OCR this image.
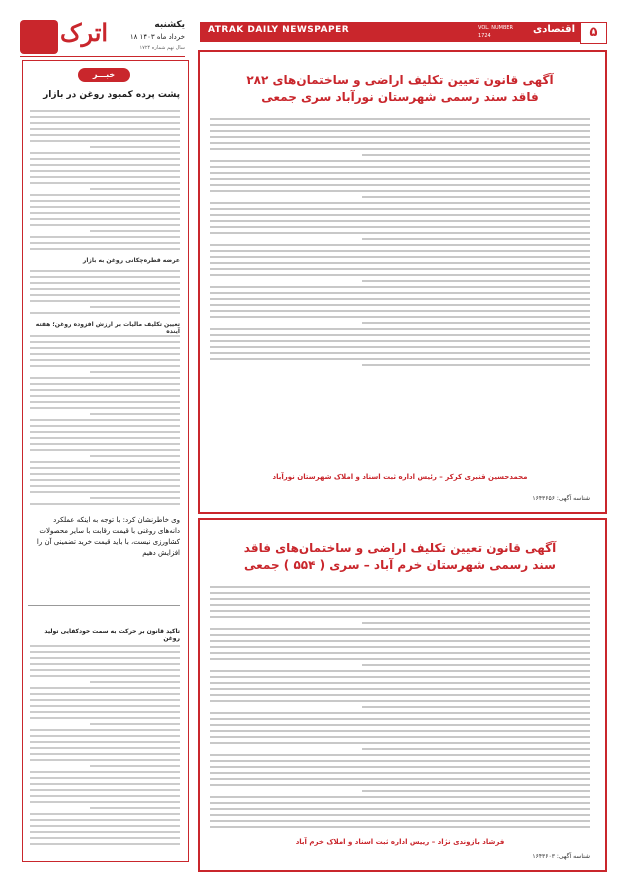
۵
اقتصادی
VOL. NUMBER 1724
ATRAK DAILY NEWSPAPER
اترک	یکشنبه
۱۸ خرداد ماه ۱۴۰۳
سال نهم شماره ۱۷۲۴
خبـــر
پشت پرده کمبود روغن در بازار
عرضه قطره‌چکانی روغن به بازار
تعیین تکلیف مالیات بر ارزش افزوده روغن؛ هفته آینده
وی خاطرنشان کرد: با توجه به اینکه عملکرد دانه‌های روغنی با قیمت رقابت با سایر محصولات کشاورزی نیست، با باید قیمت خرید تضمینی آن را افزایش دهیم
تاکید قانون بر حرکت به سمت خودکفایی تولید روغن
۲۸۲ آگهی قانون تعیین تکلیف اراضی و ساختمان‌های فاقد سند رسمی شهرستان نورآباد سری جمعی
محمدحسین قنبری کرکر – رئیس اداره ثبت اسناد و املاک شهرستان نورآباد
شناسه آگهی: ۱۶۴۳۶۵۶
آگهی قانون تعیین تکلیف اراضی و ساختمان‌های فاقد سند رسمی شهرستان خرم آباد – سری ( ۵۵۴ ) جمعی
فرشاد بازوندی نژاد – رییس اداره ثبت اسناد و املاک خرم آباد
شناسه آگهی: ۱۶۴۳۶۰۳
